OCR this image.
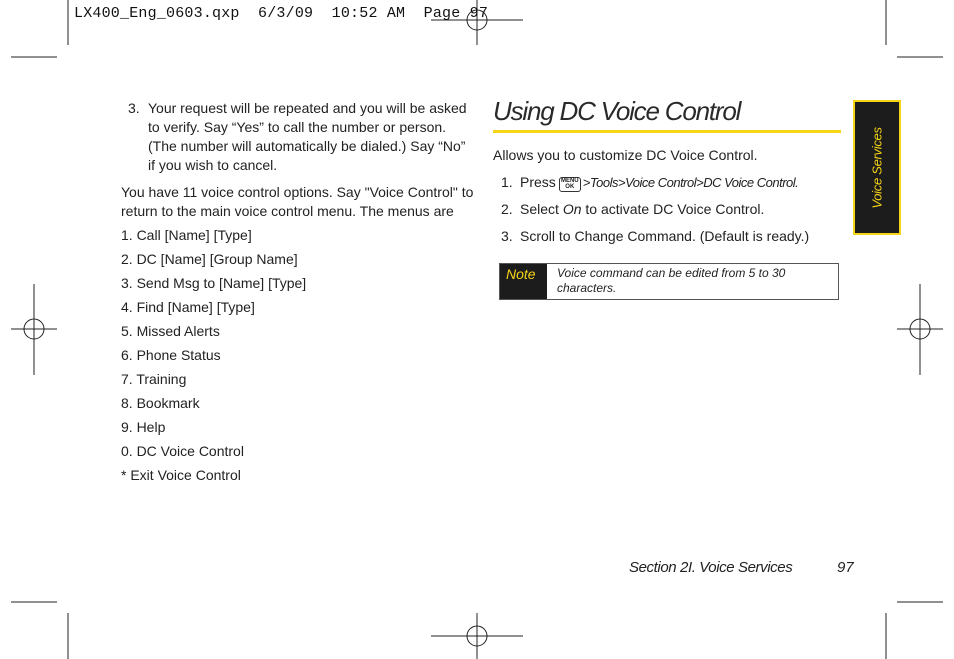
LX400_Eng_0603.qxp  6/3/09  10:52 AM  Page 97
3. Your request will be repeated and you will be asked to verify. Say “Yes” to call the number or person. (The number will automatically be dialed.) Say “No” if you wish to cancel.
You have 11 voice control options. Say "Voice Control" to return to the main voice control menu. The menus are
1. Call [Name] [Type]
2. DC [Name] [Group Name]
3. Send Msg to [Name] [Type]
4. Find [Name] [Type]
5. Missed Alerts
6. Phone Status
7. Training
8. Bookmark
9. Help
0. DC Voice Control
* Exit Voice Control
Using DC Voice Control
Allows you to customize DC Voice Control.
1. Press MENU
OK >Tools>Voice Control>DC Voice Control.
2. Select On to activate DC Voice Control.
3. Scroll to Change Command. (Default is ready.)
Note	Voice command can be edited from 5 to 30 characters.
Voice Services
Section 2I. Voice Services	97
